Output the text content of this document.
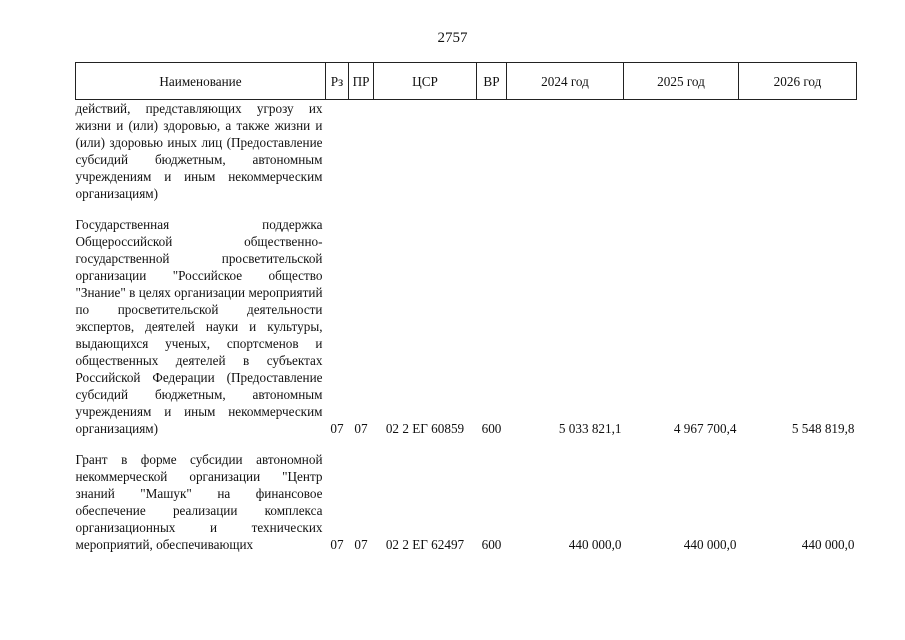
2757
Наименование	Рз	ПР	ЦСР	ВР	2024 год	2025 год	2026 год
действий, представляющих угрозу их жизни и (или) здоровью, а также жизни и (или) здоровью иных лиц (Предоставление субсидий бюджетным, автономным учреждениям и иным некоммерческим организациям)							

Государственная поддержка Общероссийской общественно-государственной просветительской организации "Российское общество "Знание" в целях организации мероприятий по просветительской деятельности экспертов, деятелей науки и культуры, выдающихся ученых, спортсменов и общественных деятелей в субъектах Российской Федерации (Предоставление субсидий бюджетным, автономным учреждениям и иным некоммерческим организациям)	07	07	02 2 ЕГ 60859	600	5 033 821,1	4 967 700,4	5 548 819,8

Грант в форме субсидии автономной некоммерческой организации "Центр знаний "Машук" на финансовое обеспечение реализации комплекса организационных и технических мероприятий, обеспечивающих	07	07	02 2 ЕГ 62497	600	440 000,0	440 000,0	440 000,0
